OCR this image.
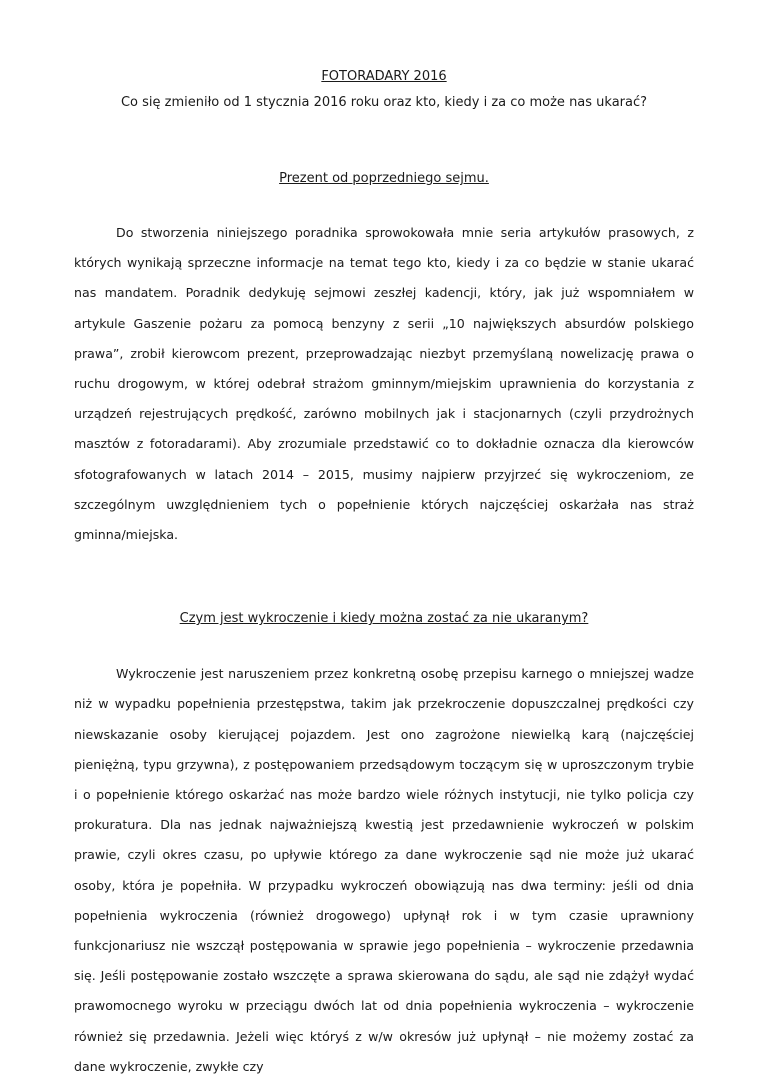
FOTORADARY 2016

Co się zmieniło od 1 stycznia 2016 roku oraz kto, kiedy i za co może nas ukarać?

Prezent od poprzedniego sejmu.

Do stworzenia niniejszego poradnika sprowokowała mnie seria artykułów prasowych, z których wynikają sprzeczne informacje na temat tego kto, kiedy i za co będzie w stanie ukarać nas mandatem. Poradnik dedykuję sejmowi zeszłej kadencji, który, jak już wspomniałem w artykule Gaszenie pożaru za pomocą benzyny z serii „10 największych absurdów polskiego prawa”, zrobił kierowcom prezent, przeprowadzając niezbyt przemyślaną nowelizację prawa o ruchu drogowym, w której odebrał strażom gminnym/miejskim uprawnienia do korzystania z urządzeń rejestrujących prędkość, zarówno mobilnych jak i stacjonarnych (czyli przydrożnych masztów z fotoradarami). Aby zrozumiale przedstawić co to dokładnie oznacza dla kierowców sfotografowanych w latach 2014 – 2015, musimy najpierw przyjrzeć się wykroczeniom, ze szczególnym uwzględnieniem tych o popełnienie których najczęściej oskarżała nas straż gminna/miejska.

Czym jest wykroczenie i kiedy można zostać za nie ukaranym?

Wykroczenie jest naruszeniem przez konkretną osobę przepisu karnego o mniejszej wadze niż w wypadku popełnienia przestępstwa, takim jak przekroczenie dopuszczalnej prędkości czy niewskazanie osoby kierującej pojazdem. Jest ono zagrożone niewielką karą (najczęściej pieniężną, typu grzywna), z postępowaniem przedsądowym toczącym się w uproszczonym trybie i o popełnienie którego oskarżać nas może bardzo wiele różnych instytucji, nie tylko policja czy prokuratura. Dla nas jednak najważniejszą kwestią jest przedawnienie wykroczeń w polskim prawie, czyli okres czasu, po upływie którego za dane wykroczenie sąd nie może już ukarać osoby, która je popełniła. W przypadku wykroczeń obowiązują nas dwa terminy: jeśli od dnia popełnienia wykroczenia (również drogowego) upłynął rok i w tym czasie uprawniony funkcjonariusz nie wszczął postępowania w sprawie jego popełnienia – wykroczenie przedawnia się. Jeśli postępowanie zostało wszczęte a sprawa skierowana do sądu, ale sąd nie zdążył wydać prawomocnego wyroku w przeciągu dwóch lat od dnia popełnienia wykroczenia – wykroczenie również się przedawnia. Jeżeli więc któryś z w/w okresów już upłynął – nie możemy zostać za dane wykroczenie, zwykłe czy
